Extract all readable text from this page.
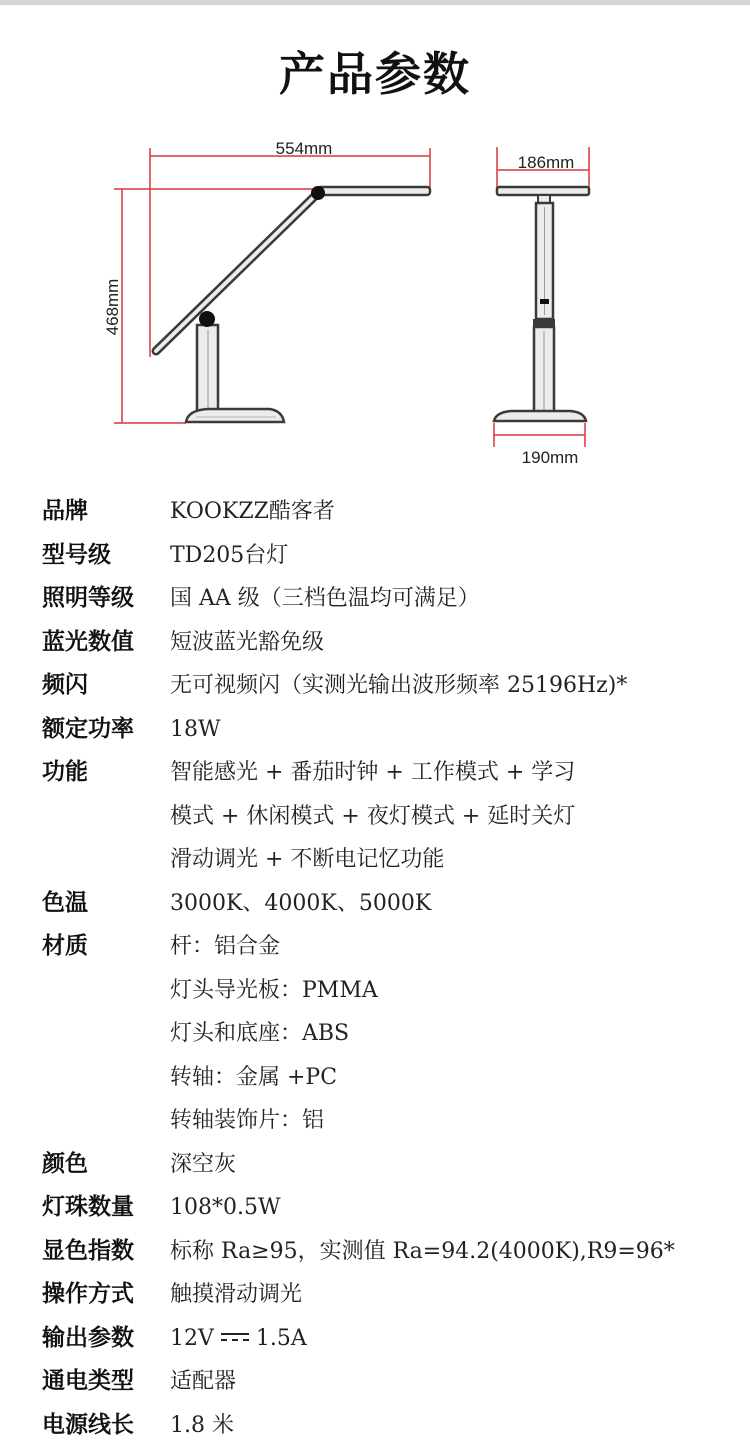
产品参数
554mm
468mm
186mm
190mm
品牌	KOOKZZ酷客者
型号级	TD205台灯
照明等级 国 AA 级（三档色温均可满足）
蓝光数值 短波蓝光豁免级
频闪	无可视频闪（实测光输出波形频率 25196Hz)*
额定功率 18W
功能	智能感光 + 番茄时钟 + 工作模式 + 学习
模式 + 休闲模式 + 夜灯模式 + 延时关灯
滑动调光 + 不断电记忆功能
色温	3000K、4000K、5000K
材质	杆：铝合金
灯头导光板：PMMA
灯头和底座：ABS
转轴：金属 +PC
转轴装饰片：铝
颜色	深空灰
灯珠数量 108*0.5W
显色指数 标称 Ra≥95，实测值 Ra=94.2(4000K),R9=96*
操作方式 触摸滑动调光
输出参数 12V 1.5A
通电类型 适配器
电源线长 1.8 米
